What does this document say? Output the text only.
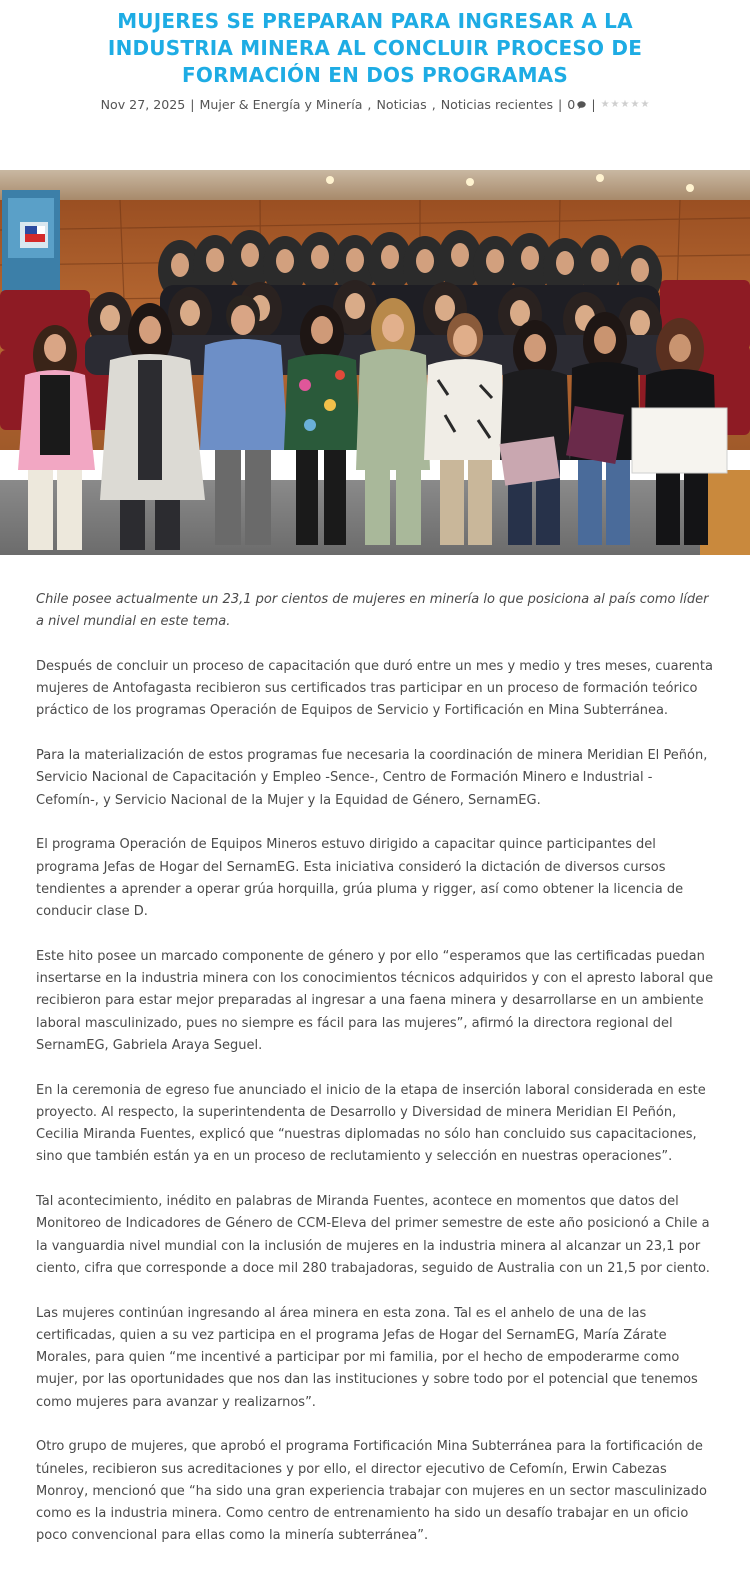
MUJERES SE PREPARAN PARA INGRESAR A LA INDUSTRIA MINERA AL CONCLUIR PROCESO DE FORMACIÓN EN DOS PROGRAMAS
Nov 27, 2025 | Mujer & Energía y Minería , Noticias , Noticias recientes | 0 | ★ ★ ★ ★ ★

Chile posee actualmente un 23,1 por cientos de mujeres en minería lo que posiciona al país como líder a nivel mundial en este tema.

Después de concluir un proceso de capacitación que duró entre un mes y medio y tres meses, cuarenta mujeres de Antofagasta recibieron sus certificados tras participar en un proceso de formación teórico práctico de los programas Operación de Equipos de Servicio y Fortificación en Mina Subterránea.

Para la materialización de estos programas fue necesaria la coordinación de minera Meridian El Peñón, Servicio Nacional de Capacitación y Empleo -Sence-, Centro de Formación Minero e Industrial -Cefomín-, y Servicio Nacional de la Mujer y la Equidad de Género, SernamEG.

El programa Operación de Equipos Mineros estuvo dirigido a capacitar quince participantes del programa Jefas de Hogar del SernamEG. Esta iniciativa consideró la dictación de diversos cursos tendientes a aprender a operar grúa horquilla, grúa pluma y rigger, así como obtener la licencia de conducir clase D.

Este hito posee un marcado componente de género y por ello “esperamos que las certificadas puedan insertarse en la industria minera con los conocimientos técnicos adquiridos y con el apresto laboral que recibieron para estar mejor preparadas al ingresar a una faena minera y desarrollarse en un ambiente laboral masculinizado, pues no siempre es fácil para las mujeres”, afirmó la directora regional del SernamEG, Gabriela Araya Seguel.

En la ceremonia de egreso fue anunciado el inicio de la etapa de inserción laboral considerada en este proyecto. Al respecto, la superintendenta de Desarrollo y Diversidad de minera Meridian El Peñón, Cecilia Miranda Fuentes, explicó que “nuestras diplomadas no sólo han concluido sus capacitaciones, sino que también están ya en un proceso de reclutamiento y selección en nuestras operaciones”.

Tal acontecimiento, inédito en palabras de Miranda Fuentes, acontece en momentos que datos del Monitoreo de Indicadores de Género de CCM-Eleva del primer semestre de este año posicionó a Chile a la vanguardia nivel mundial con la inclusión de mujeres en la industria minera al alcanzar un 23,1 por ciento, cifra que corresponde a doce mil 280 trabajadoras, seguido de Australia con un 21,5 por ciento.

Las mujeres continúan ingresando al área minera en esta zona. Tal es el anhelo de una de las certificadas, quien a su vez participa en el programa Jefas de Hogar del SernamEG, María Zárate Morales, para quien “me incentivé a participar por mi familia, por el hecho de empoderarme como mujer, por las oportunidades que nos dan las instituciones y sobre todo por el potencial que tenemos como mujeres para avanzar y realizarnos”.

Otro grupo de mujeres, que aprobó el programa Fortificación Mina Subterránea para la fortificación de túneles, recibieron sus acreditaciones y por ello, el director ejecutivo de Cefomín, Erwin Cabezas Monroy, mencionó que “ha sido una gran experiencia trabajar con mujeres en un sector masculinizado como es la industria minera. Como centro de entrenamiento ha sido un desafío trabajar en un oficio poco convencional para ellas como la minería subterránea”.
